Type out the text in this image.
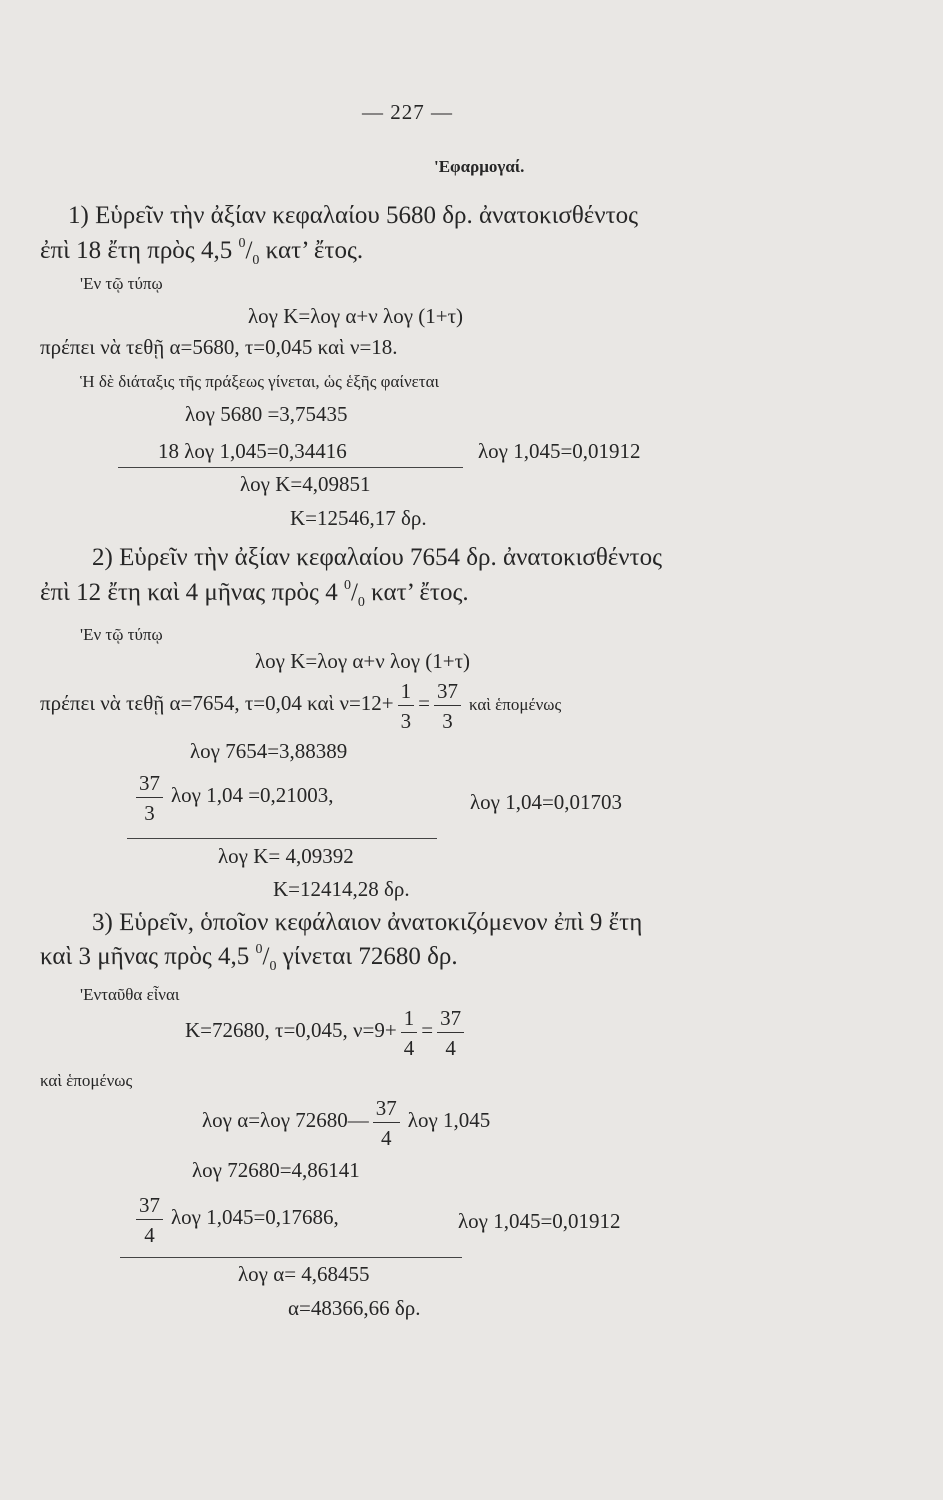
— 227 —
'Εφαρμογαί.
1) Εὑρεῖν τὴν ἀξίαν κεφαλαίου 5680 δρ. ἀνατοκισθέντος
ἐπὶ 18 ἔτη πρὸς 4,5 $^0/_0$ κατ’ ἔτος.
'Εν τῷ τύπῳ
λογ Κ=λογ α+ν λογ (1+τ)
πρέπει νὰ τεθῇ α=5680, τ=0,045 καὶ ν=18.
Ἡ δὲ διάταξις τῆς πράξεως γίνεται, ὡς ἑξῆς φαίνεται
λογ 5680 =3,75435
18 λογ 1,045=0,34416	λογ 1,045=0,01912
λογ Κ=4,09851
Κ=12546,17 δρ.
2) Εὑρεῖν τὴν ἀξίαν κεφαλαίου 7654 δρ. ἀνατοκισθέντος
ἐπὶ 12 ἔτη καὶ 4 μῆνας πρὸς 4 $^0/_0$ κατ’ ἔτος.
'Εν τῷ τύπῳ
λογ Κ=λογ α+ν λογ (1+τ)
πρέπει νὰ τεθῇ α=7654, τ=0,04 καὶ $\nu=12+ \frac{1}{3} = \frac{37}{3}$ καὶ ἑπομένως
λογ 7654=3,88389
$\frac{37}{3}$ λογ 1,04 =0,21003,	λογ 1,04=0,01703
λογ Κ= 4,09392
Κ=12414,28 δρ.
3) Εὑρεῖν, ὁποῖον κεφάλαιον ἀνατοκιζόμενον ἐπὶ 9 ἔτη
καὶ 3 μῆνας πρὸς 4,5 $^0/_0$ γίνεται 72680 δρ.
'Ενταῦθα εἶναι
Κ=72680, τ=0,045, $\nu=9+ \frac{1}{4} = \frac{37}{4}$
καὶ ἑπομένως
λογ α=λογ 72680— $\frac{37}{4}$ λογ 1,045
λογ 72680=4,86141
$\frac{37}{4}$ λογ 1,045=0,17686,	λογ 1,045=0,01912
λογ α= 4,68455
α=48366,66 δρ.
